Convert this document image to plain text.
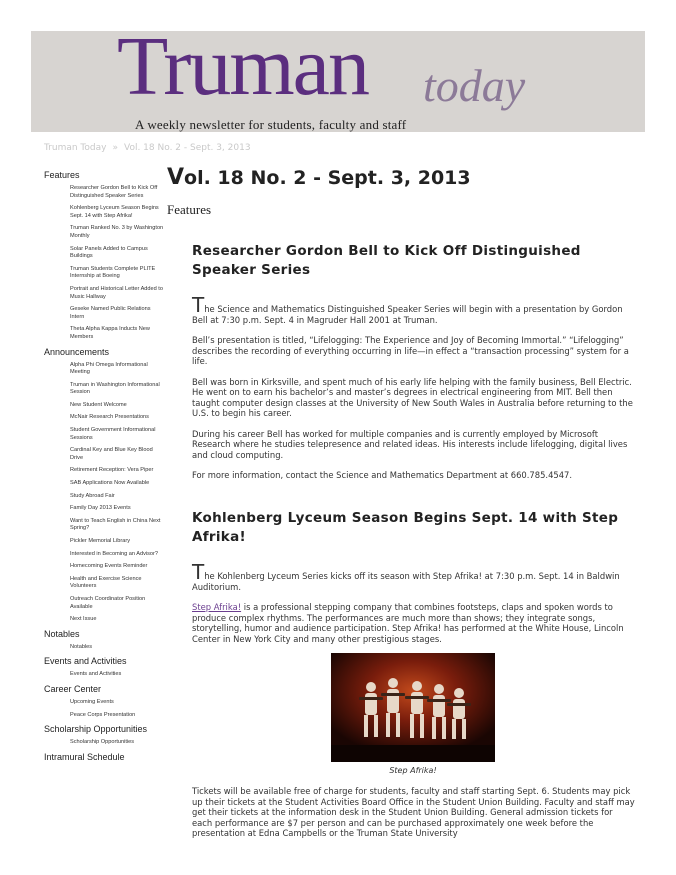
Truman today
A weekly newsletter for students, faculty and staff
Truman Today » Vol. 18 No. 2 - Sept. 3, 2013
Features
Researcher Gordon Bell to Kick Off Distinguished Speaker Series
Kohlenberg Lyceum Season Begins Sept. 14 with Step Afrika!
Truman Ranked No. 3 by Washington Monthly
Solar Panels Added to Campus Buildings
Truman Students Complete PLITE Internship at Boeing
Portrait and Historical Letter Added to Music Hallway
Geseke Named Public Relations Intern
Theta Alpha Kappa Inducts New Members
Announcements
Alpha Phi Omega Informational Meeting
Truman in Washington Informational Session
New Student Welcome
McNair Research Presentations
Student Government Informational Sessions
Cardinal Key and Blue Key Blood Drive
Retirement Reception: Vera Piper
SAB Applications Now Available
Study Abroad Fair
Family Day 2013 Events
Want to Teach English in China Next Spring?
Pickler Memorial Library
Interested in Becoming an Advisor?
Homecoming Events Reminder
Health and Exercise Science Volunteers
Outreach Coordinator Position Available
Next Issue
Notables
Notables
Events and Activities
Events and Activities
Career Center
Upcoming Events
Peace Corps Presentation
Scholarship Opportunities
Scholarship Opportunities
Intramural Schedule
Vol. 18 No. 2 - Sept. 3, 2013
Features
Researcher Gordon Bell to Kick Off Distinguished Speaker Series

The Science and Mathematics Distinguished Speaker Series will begin with a presentation by Gordon Bell at 7:30 p.m. Sept. 4 in Magruder Hall 2001 at Truman.

Bell’s presentation is titled, “Lifelogging: The Experience and Joy of Becoming Immortal.” “Lifelogging” describes the recording of everything occurring in life—in effect a “transaction processing” system for a life.

Bell was born in Kirksville, and spent much of his early life helping with the family business, Bell Electric. He went on to earn his bachelor’s and master’s degrees in electrical engineering from MIT. Bell then taught computer design classes at the University of New South Wales in Australia before returning to the U.S. to begin his career.

During his career Bell has worked for multiple companies and is currently employed by Microsoft Research where he studies telepresence and related ideas. His interests include lifelogging, digital lives and cloud computing.

For more information, contact the Science and Mathematics Department at 660.785.4547.

Kohlenberg Lyceum Season Begins Sept. 14 with Step Afrika!

The Kohlenberg Lyceum Series kicks off its season with Step Afrika! at 7:30 p.m. Sept. 14 in Baldwin Auditorium.

Step Afrika! is a professional stepping company that combines footsteps, claps and spoken words to produce complex rhythms. The performances are much more than shows; they integrate songs, storytelling, humor and audience participation. Step Afrika! has performed at the White House, Lincoln Center in New York City and many other prestigious stages.

Step Afrika!

Tickets will be available free of charge for students, faculty and staff starting Sept. 6. Students may pick up their tickets at the Student Activities Board Office in the Student Union Building. Faculty and staff may get their tickets at the information desk in the Student Union Building. General admission tickets for each performance are $7 per person and can be purchased approximately one week before the presentation at Edna Campbells or the Truman State University
